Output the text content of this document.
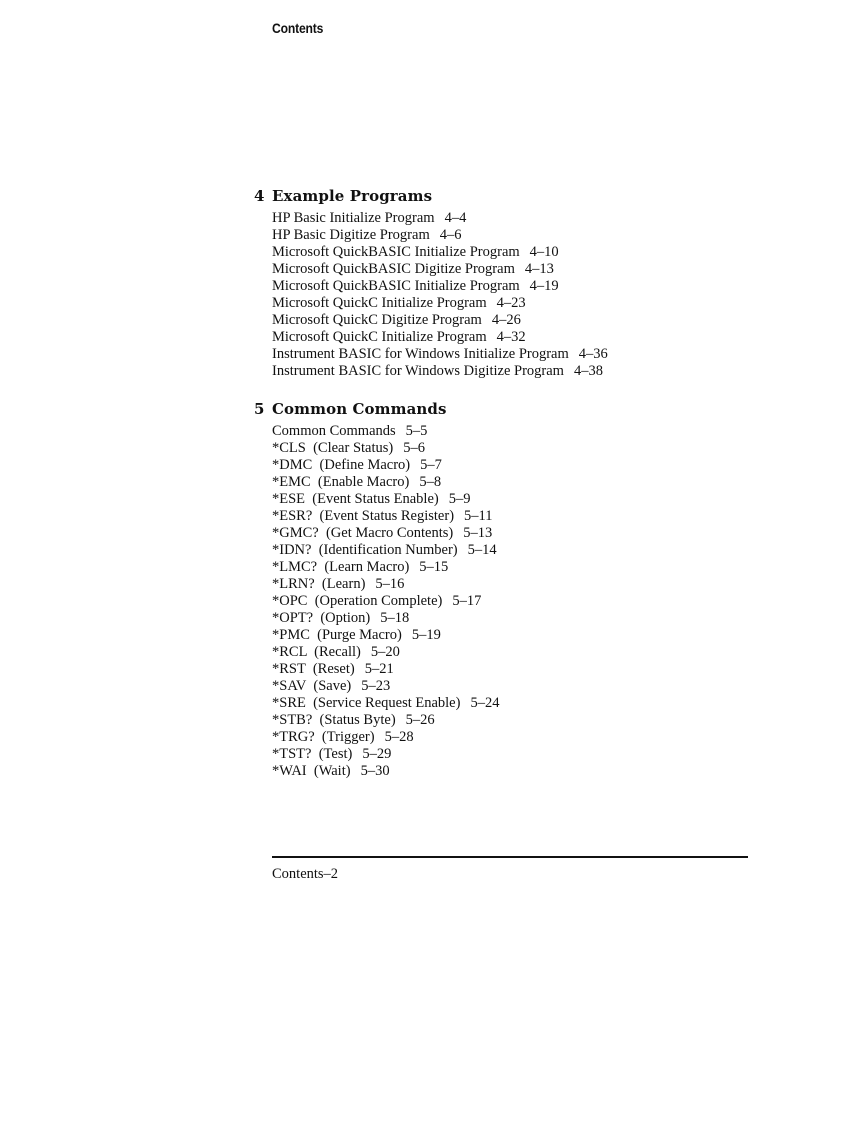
Contents
4 Example Programs
HP Basic Initialize Program 4–4
HP Basic Digitize Program 4–6
Microsoft QuickBASIC Initialize Program 4–10
Microsoft QuickBASIC Digitize Program 4–13
Microsoft QuickBASIC Initialize Program 4–19
Microsoft QuickC Initialize Program 4–23
Microsoft QuickC Digitize Program 4–26
Microsoft QuickC Initialize Program 4–32
Instrument BASIC for Windows Initialize Program 4–36
Instrument BASIC for Windows Digitize Program 4–38
5 Common Commands
Common Commands 5–5
*CLS  (Clear Status) 5–6
*DMC  (Define Macro) 5–7
*EMC  (Enable Macro) 5–8
*ESE  (Event Status Enable) 5–9
*ESR?  (Event Status Register) 5–11
*GMC?  (Get Macro Contents) 5–13
*IDN?  (Identification Number) 5–14
*LMC?  (Learn Macro) 5–15
*LRN?  (Learn) 5–16
*OPC  (Operation Complete) 5–17
*OPT?  (Option) 5–18
*PMC  (Purge Macro) 5–19
*RCL  (Recall) 5–20
*RST  (Reset) 5–21
*SAV  (Save) 5–23
*SRE  (Service Request Enable) 5–24
*STB?  (Status Byte) 5–26
*TRG?  (Trigger) 5–28
*TST?  (Test) 5–29
*WAI  (Wait) 5–30
Contents–2
